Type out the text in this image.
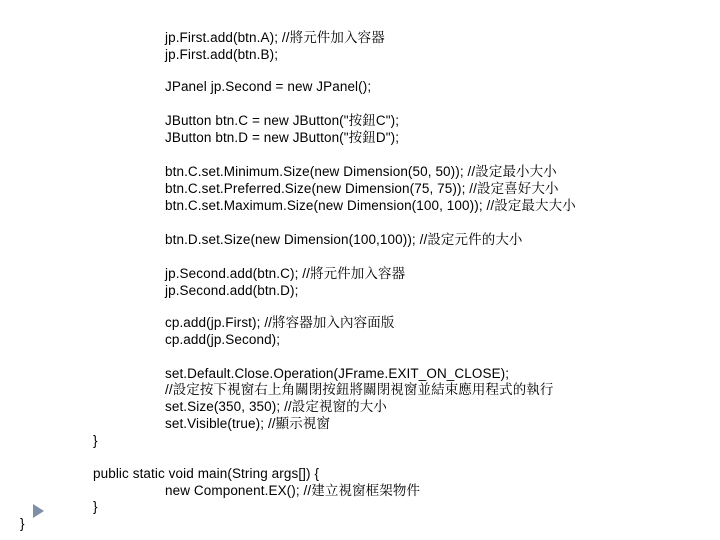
jp.First.add(btn.A); //將元件加入容器
jp.First.add(btn.B);
JPanel jp.Second = new JPanel();
JButton btn.C = new JButton("按鈕C");
JButton btn.D = new JButton("按鈕D");
btn.C.set.Minimum.Size(new Dimension(50, 50)); //設定最小大小
btn.C.set.Preferred.Size(new Dimension(75, 75)); //設定喜好大小
btn.C.set.Maximum.Size(new Dimension(100, 100)); //設定最大大小
btn.D.set.Size(new Dimension(100,100)); //設定元件的大小
jp.Second.add(btn.C); //將元件加入容器
jp.Second.add(btn.D);
cp.add(jp.First); //將容器加入內容面版
cp.add(jp.Second);
set.Default.Close.Operation(JFrame.EXIT_ON_CLOSE);
//設定按下視窗右上角關閉按鈕將關閉視窗並結束應用程式的執行
set.Size(350, 350); //設定視窗的大小
set.Visible(true); //顯示視窗
}
public static void main(String args[]) {
new Component.EX(); //建立視窗框架物件
}
}
